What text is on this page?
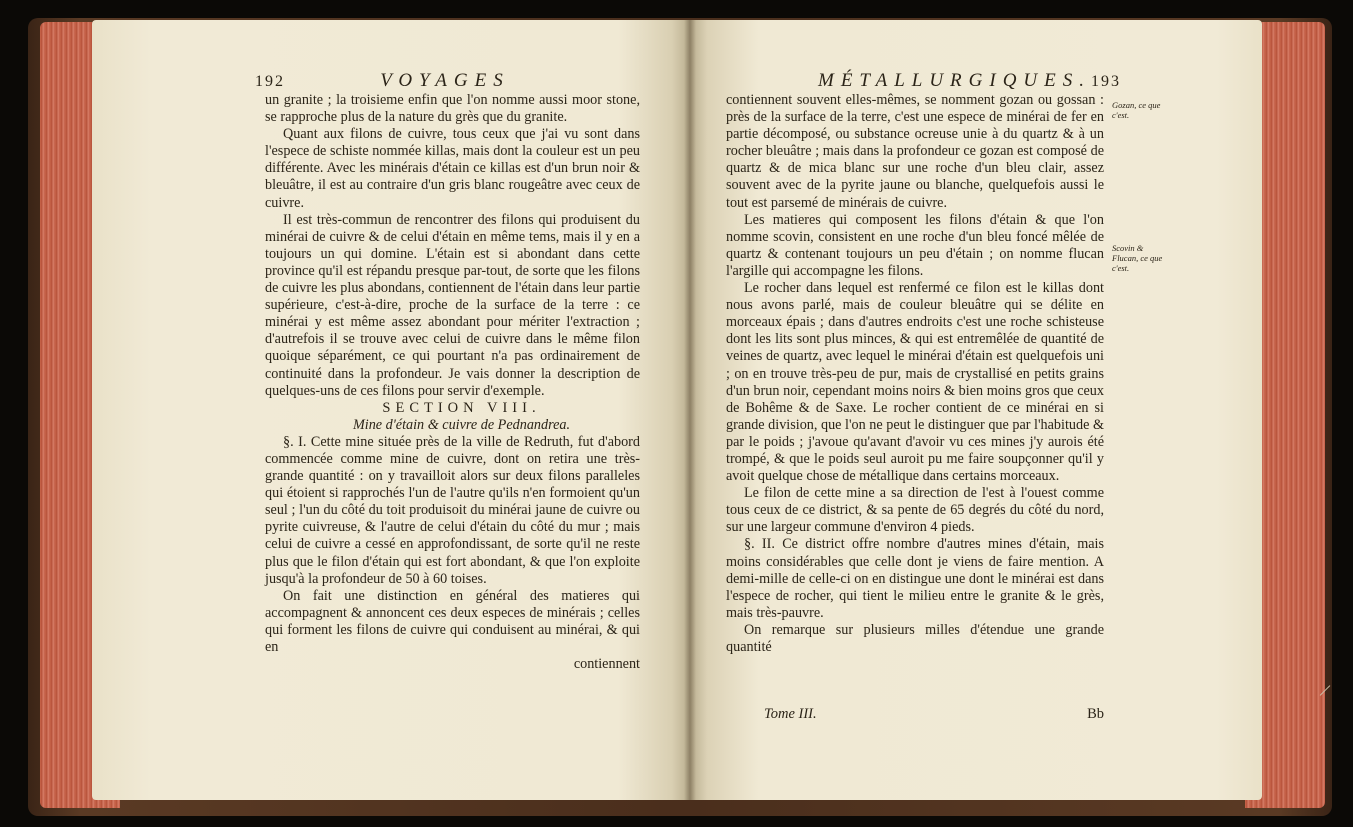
192	VOYAGES

un granite ; la troisieme enfin que l'on nomme aussi moor stone, se rapproche plus de la nature du grès que du granite.

Quant aux filons de cuivre, tous ceux que j'ai vu sont dans l'espece de schiste nommée killas, mais dont la couleur est un peu différente. Avec les minérais d'étain ce killas est d'un brun noir & bleuâtre, il est au contraire d'un gris blanc rougeâtre avec ceux de cuivre.

Il est très-commun de rencontrer des filons qui produisent du minérai de cuivre & de celui d'étain en même tems, mais il y en a toujours un qui domine. L'étain est si abondant dans cette province qu'il est répandu presque par-tout, de sorte que les filons de cuivre les plus abondans, contiennent de l'étain dans leur partie supérieure, c'est-à-dire, proche de la surface de la terre : ce minérai y est même assez abondant pour mériter l'extraction ; d'autrefois il se trouve avec celui de cuivre dans le même filon quoique séparément, ce qui pourtant n'a pas ordinairement de continuité dans la profondeur. Je vais donner la description de quelques-uns de ces filons pour servir d'exemple.

SECTION VIII.

Mine d'étain & cuivre de Pednandrea.

§. I. Cette mine située près de la ville de Redruth, fut d'abord commencée comme mine de cuivre, dont on retira une très-grande quantité : on y travailloit alors sur deux filons paralleles qui étoient si rapprochés l'un de l'autre qu'ils n'en formoient qu'un seul ; l'un du côté du toit produisoit du minérai jaune de cuivre ou pyrite cuivreuse, & l'autre de celui d'étain du côté du mur ; mais celui de cuivre a cessé en approfondissant, de sorte qu'il ne reste plus que le filon d'étain qui est fort abondant, & que l'on exploite jusqu'à la profondeur de 50 à 60 toises.

On fait une distinction en général des matieres qui accompagnent & annoncent ces deux especes de minérais ; celles qui forment les filons de cuivre qui conduisent au minérai, & qui en

contiennent

MÉTALLURGIQUES. 193

contiennent souvent elles-mêmes, se nomment gozan ou gossan : près de la surface de la terre, c'est une espece de minérai de fer en partie décomposé, ou substance ocreuse unie à du quartz & à un rocher bleuâtre ; mais dans la profondeur ce gozan est composé de quartz & de mica blanc sur une roche d'un bleu clair, assez souvent avec de la pyrite jaune ou blanche, quelquefois aussi le tout est parsemé de minérais de cuivre.

Les matieres qui composent les filons d'étain & que l'on nomme scovin, consistent en une roche d'un bleu foncé mêlée de quartz & contenant toujours un peu d'étain ; on nomme flucan l'argille qui accompagne les filons.

Le rocher dans lequel est renfermé ce filon est le killas dont nous avons parlé, mais de couleur bleuâtre qui se délite en morceaux épais ; dans d'autres endroits c'est une roche schisteuse dont les lits sont plus minces, & qui est entremêlée de quantité de veines de quartz, avec lequel le minérai d'étain est quelquefois uni ; on en trouve très-peu de pur, mais de crystallisé en petits grains d'un brun noir, cependant moins noirs & bien moins gros que ceux de Bohême & de Saxe. Le rocher contient de ce minérai en si grande division, que l'on ne peut le distinguer que par l'habitude & par le poids ; j'avoue qu'avant d'avoir vu ces mines j'y aurois été trompé, & que le poids seul auroit pu me faire soupçonner qu'il y avoit quelque chose de métallique dans certains morceaux.

Le filon de cette mine a sa direction de l'est à l'ouest comme tous ceux de ce district, & sa pente de 65 degrés du côté du nord, sur une largeur commune d'environ 4 pieds.

§. II. Ce district offre nombre d'autres mines d'étain, mais moins considérables que celle dont je viens de faire mention. A demi-mille de celle-ci on en distingue une dont le minérai est dans l'espece de rocher, qui tient le milieu entre le granite & le grès, mais très-pauvre.

On remarque sur plusieurs milles d'étendue une grande quantité

Gozan, ce que c'est.
Scovin & Flucan, ce que c'est.
Tome III.	Bb
